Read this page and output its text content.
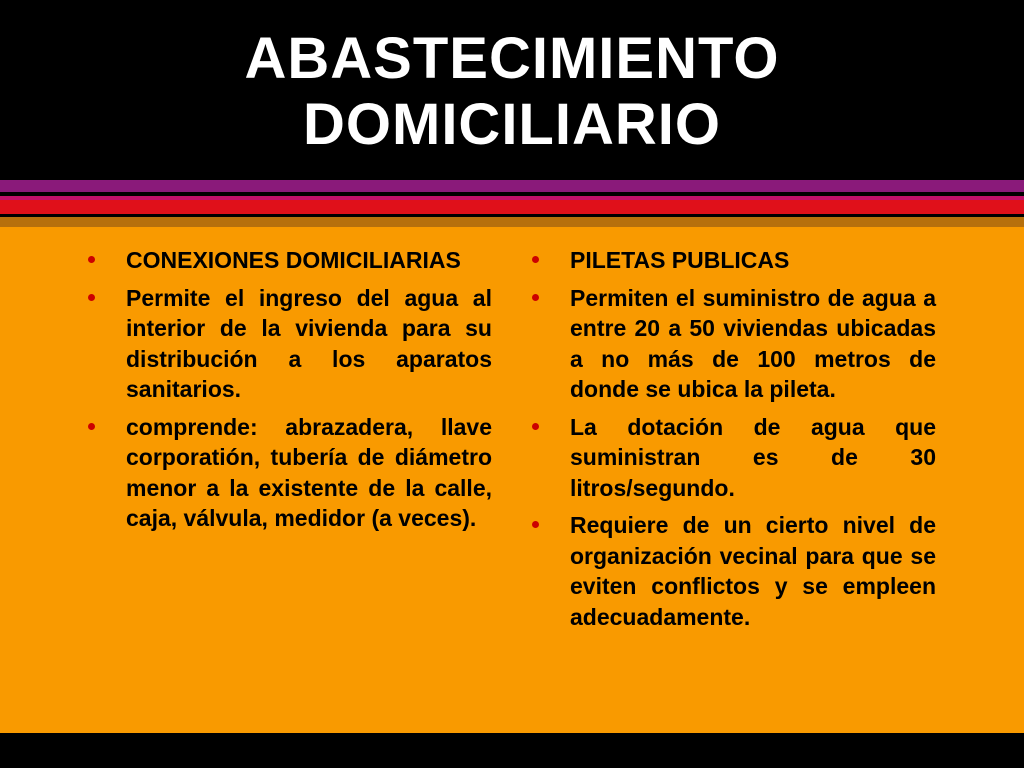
ABASTECIMIENTO
DOMICILIARIO
CONEXIONES DOMICILIARIAS
Permite el ingreso del agua al interior de la vivienda para su distribución a los aparatos sanitarios.
comprende: abrazadera, llave corporatión, tubería de diámetro menor a la existente de la calle, caja, válvula, medidor (a veces).
PILETAS PUBLICAS
Permiten el suministro de agua a entre 20 a 50 viviendas ubicadas a no más de 100 metros de donde se ubica la pileta.
La dotación de agua que suministran es de 30 litros/segundo.
Requiere de un cierto nivel de organización vecinal para que se eviten conflictos y se empleen adecuadamente.
